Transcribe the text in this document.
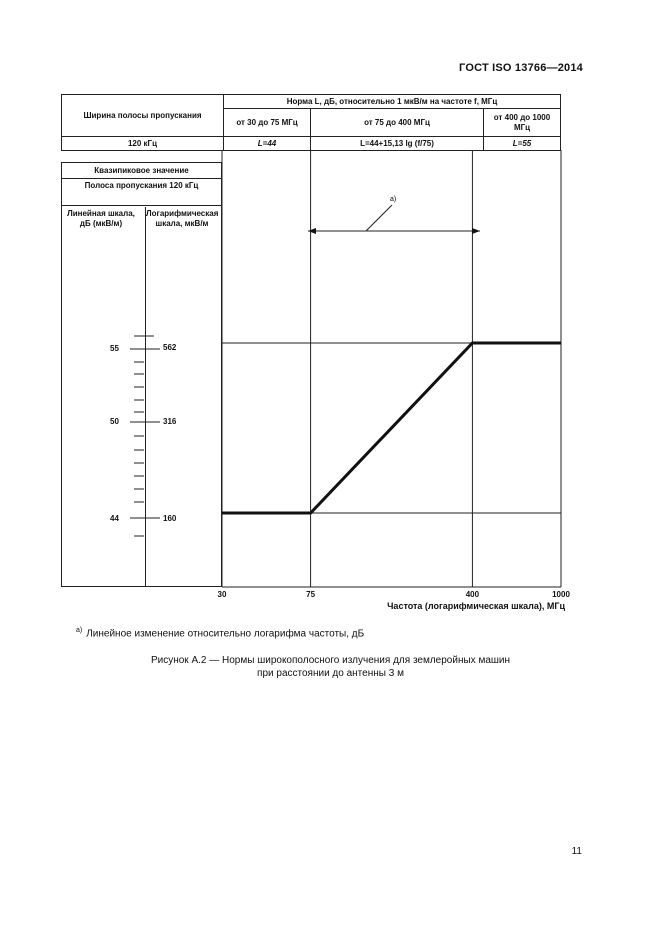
ГОСТ ISO 13766—2014
Ширина полосы пропускания	Норма L, дБ, относительно 1 мкВ/м на частоте f, МГц		
	от 30 до 75 МГц	от 75 до 400 МГц	от 400 до 1000 МГц
120 кГц	L=44	L=44+15,13 lg (f/75)	L=55
Квазипиковое значение
Полоса пропускания 120 кГц
Линейная шкала, дБ (мкВ/м)
Логарифмическая шкала, мкВ/м
55
50
44
562
316
160
a)
30	75	400	1000
Частота (логарифмическая шкала), МГц
$^{a)}$ Линейное изменение относительно логарифма частоты, дБ
Рисунок А.2 — Нормы широкополосного излучения для землеройных машин
при расстоянии до антенны 3 м
11
